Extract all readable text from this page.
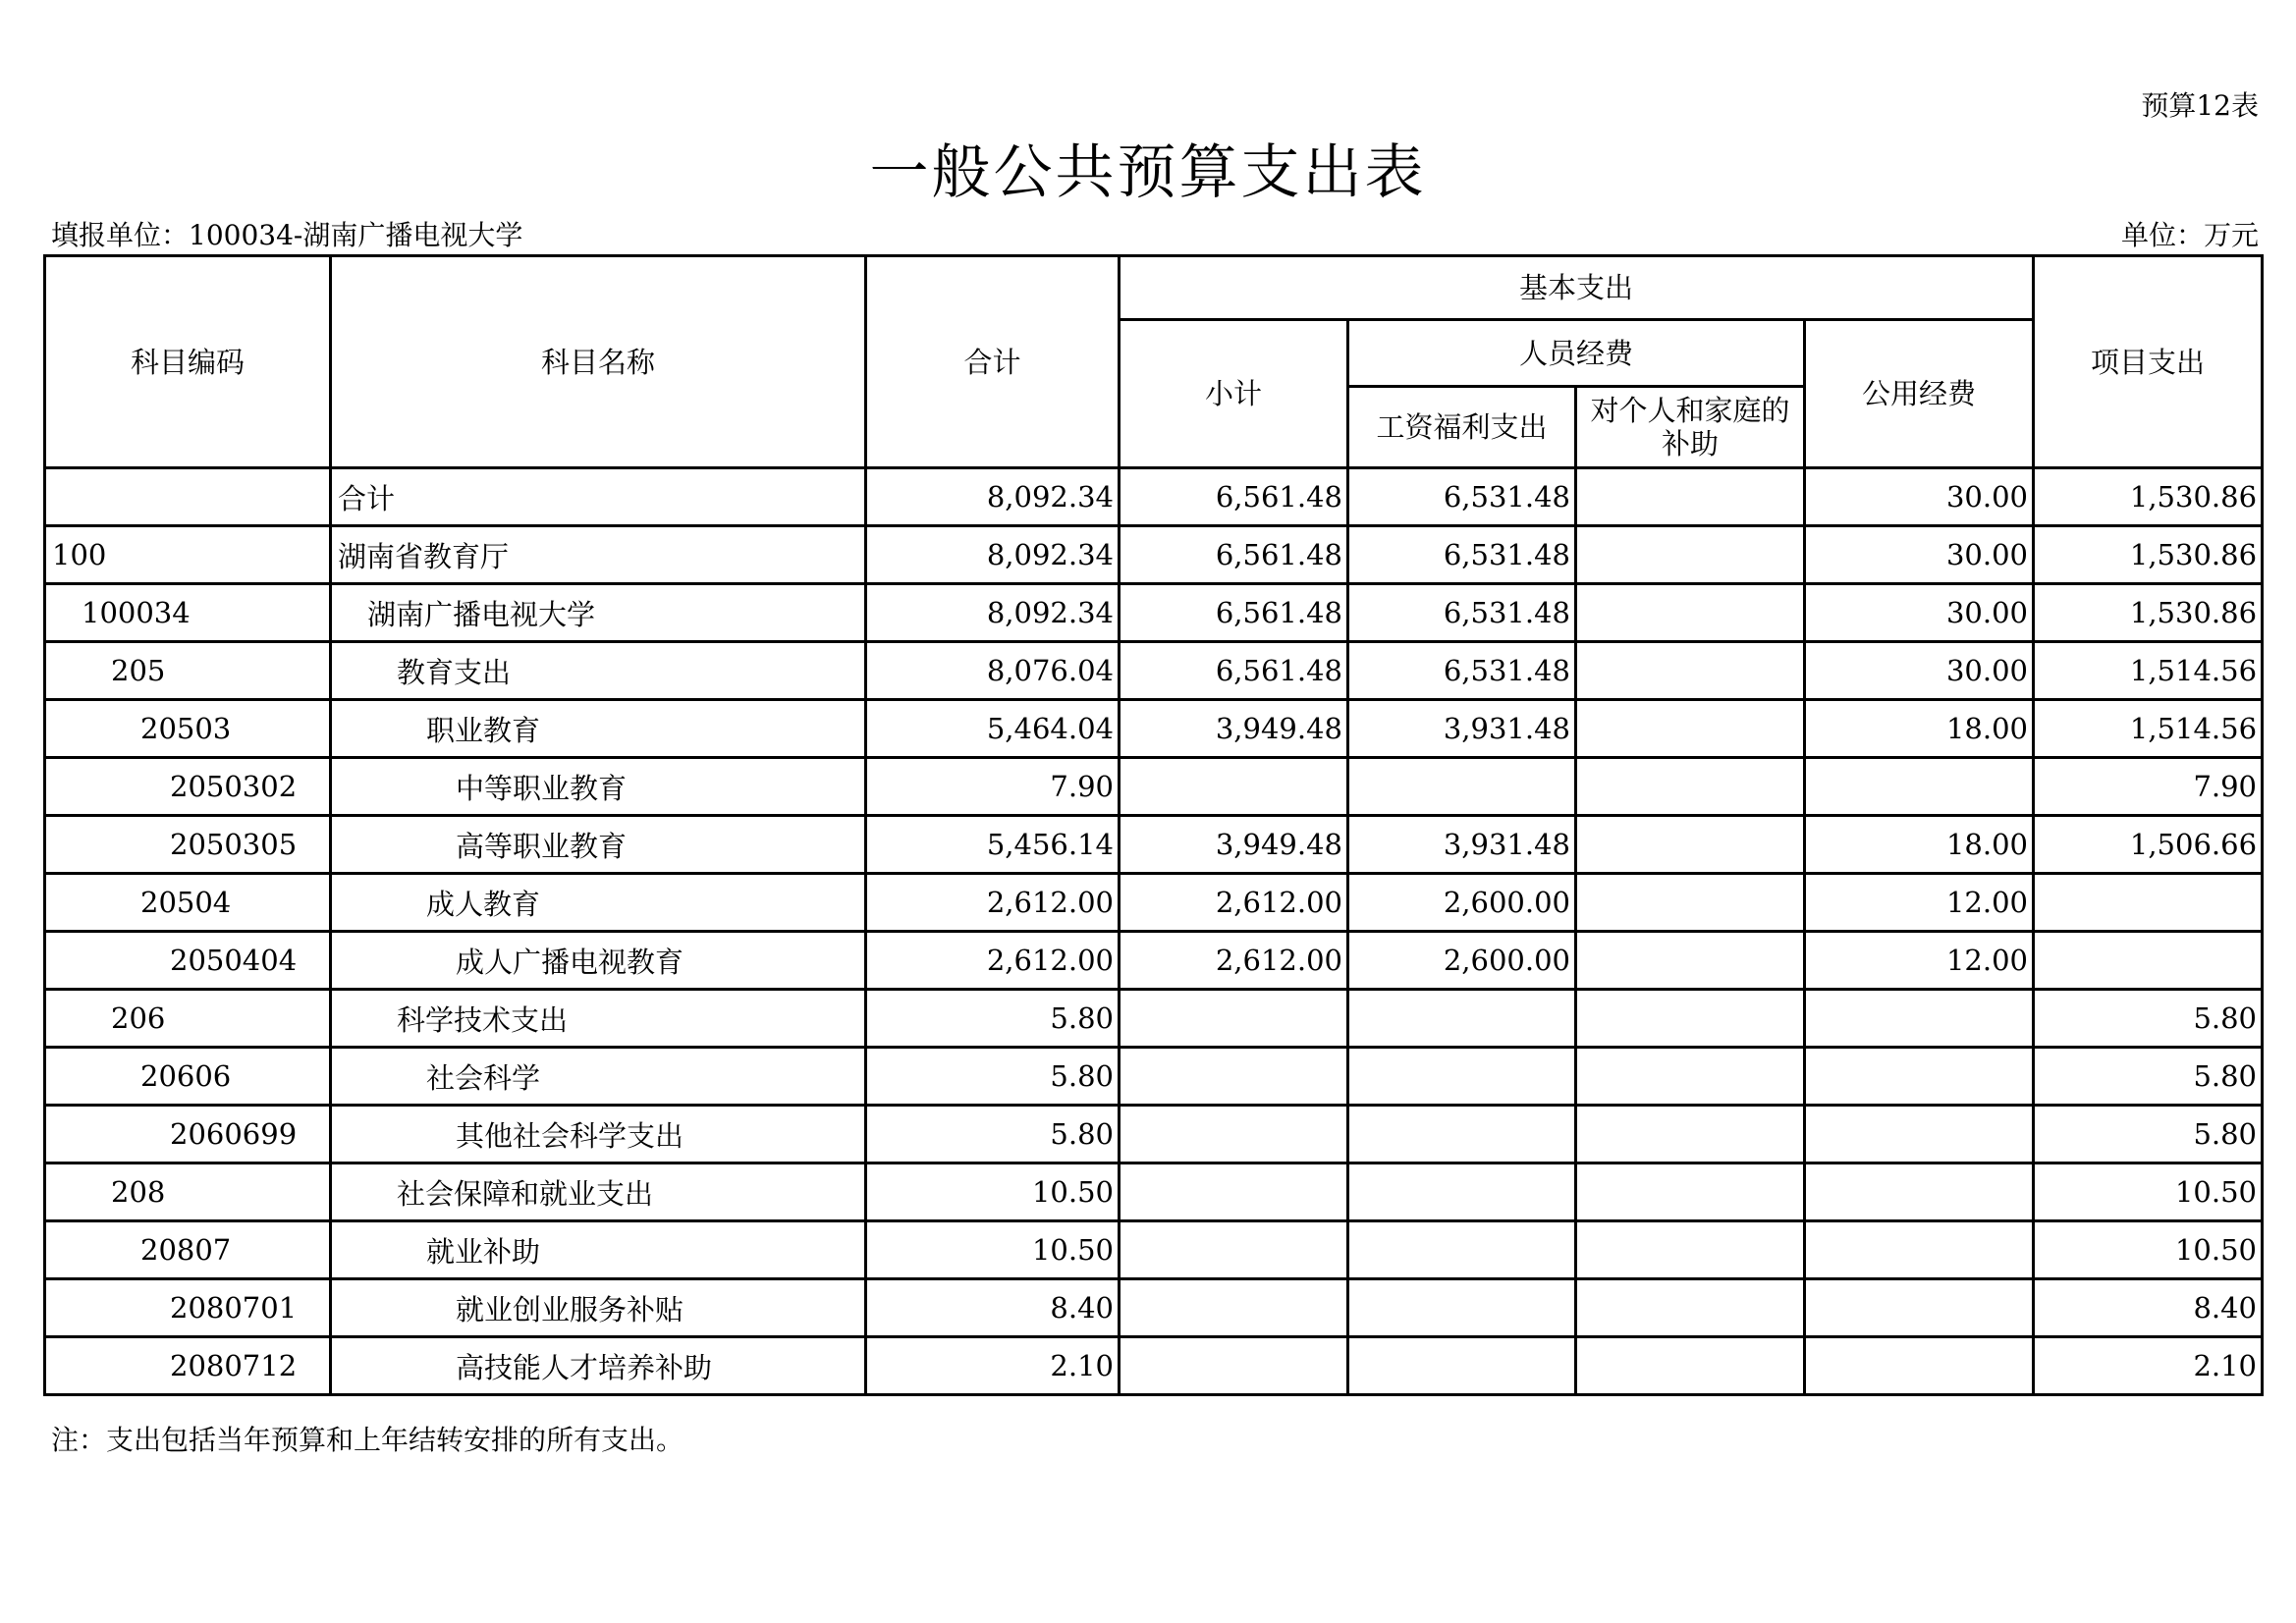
预算12表
一般公共预算支出表
填报单位：100034-湖南广播电视大学	单位：万元
科目编码	科目名称	合计	基本支出				项目支出
			小计	人员经费		公用经费	
				工资福利支出	对个人和家庭的补助		
	合计	8,092.34	6,561.48	6,531.48		30.00	1,530.86
100	湖南省教育厅	8,092.34	6,561.48	6,531.48		30.00	1,530.86
100034	湖南广播电视大学	8,092.34	6,561.48	6,531.48		30.00	1,530.86
205	教育支出	8,076.04	6,561.48	6,531.48		30.00	1,514.56
20503	职业教育	5,464.04	3,949.48	3,931.48		18.00	1,514.56
2050302	中等职业教育	7.90					7.90
2050305	高等职业教育	5,456.14	3,949.48	3,931.48		18.00	1,506.66
20504	成人教育	2,612.00	2,612.00	2,600.00		12.00	
2050404	成人广播电视教育	2,612.00	2,612.00	2,600.00		12.00	
206	科学技术支出	5.80					5.80
20606	社会科学	5.80					5.80
2060699	其他社会科学支出	5.80					5.80
208	社会保障和就业支出	10.50					10.50
20807	就业补助	10.50					10.50
2080701	就业创业服务补贴	8.40					8.40
2080712	高技能人才培养补助	2.10					2.10
注：支出包括当年预算和上年结转安排的所有支出。
